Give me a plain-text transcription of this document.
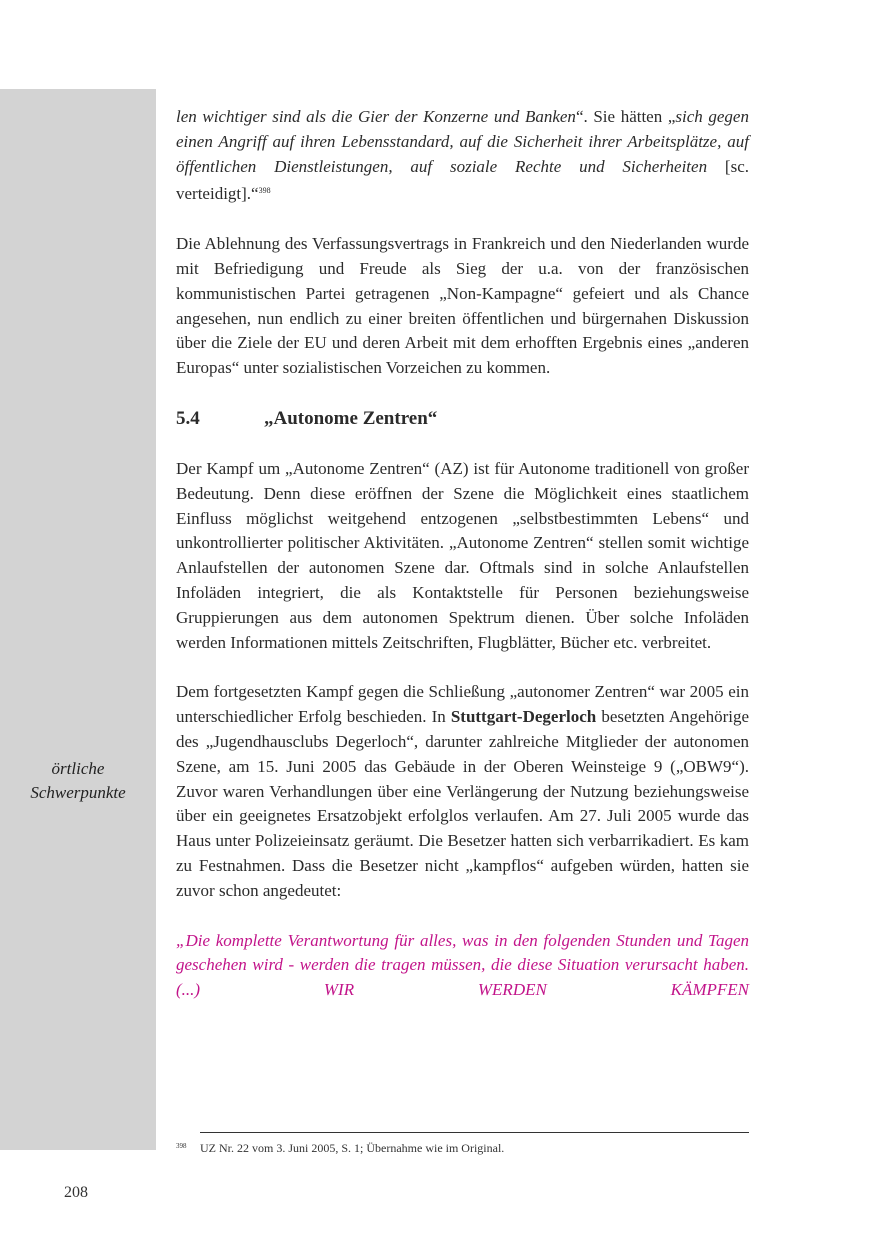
örtliche
Schwerpunkte

len wichtiger sind als die Gier der Konzerne und Banken“. Sie hätten „sich gegen einen Angriff auf ihren Lebensstandard, auf die Sicherheit ihrer Arbeitsplätze, auf öffentlichen Dienstleistungen, auf soziale Rechte und Sicherheiten [sc. verteidigt].“$^{398}$

Die Ablehnung des Verfassungsvertrags in Frankreich und den Niederlanden wurde mit Befriedigung und Freude als Sieg der u.a. von der französischen kommunistischen Partei getragenen „Non-Kampagne“ gefeiert und als Chance angesehen, nun endlich zu einer breiten öffentlichen und bürgernahen Diskussion über die Ziele der EU und deren Arbeit mit dem erhofften Ergebnis eines „anderen Europas“ unter sozialistischen Vorzeichen zu kommen.

5.4	„Autonome Zentren“

Der Kampf um „Autonome Zentren“ (AZ) ist für Autonome traditionell von großer Bedeutung. Denn diese eröffnen der Szene die Möglichkeit eines staatlichem Einfluss möglichst weitgehend entzogenen „selbstbestimmten Lebens“ und unkontrollierter politischer Aktivitäten. „Autonome Zentren“ stellen somit wichtige Anlaufstellen der autonomen Szene dar. Oftmals sind in solche Anlaufstellen Infoläden integriert, die als Kontaktstelle für Personen beziehungsweise Gruppierungen aus dem autonomen Spektrum dienen. Über solche Infoläden werden Informationen mittels Zeitschriften, Flugblätter, Bücher etc. verbreitet.

Dem fortgesetzten Kampf gegen die Schließung „autonomer Zentren“ war 2005 ein unterschiedlicher Erfolg beschieden. In Stuttgart-Degerloch besetzten Angehörige des „Jugendhausclubs Degerloch“, darunter zahlreiche Mitglieder der autonomen Szene, am 15. Juni 2005 das Gebäude in der Oberen Weinsteige 9 („OBW9“). Zuvor waren Verhandlungen über eine Verlängerung der Nutzung beziehungsweise über ein geeignetes Ersatzobjekt erfolglos verlaufen. Am 27. Juli 2005 wurde das Haus unter Polizeieinsatz geräumt. Die Besetzer hatten sich verbarrikadiert. Es kam zu Festnahmen. Dass die Besetzer nicht „kampflos“ aufgeben würden, hatten sie zuvor schon angedeutet:

„Die komplette Verantwortung für alles, was in den folgenden Stunden und Tagen geschehen wird - werden die tragen müssen, die diese Situation verursacht haben. (...) WIR WERDEN KÄMPFEN

398 UZ Nr. 22 vom 3. Juni 2005, S. 1; Übernahme wie im Original.
208
